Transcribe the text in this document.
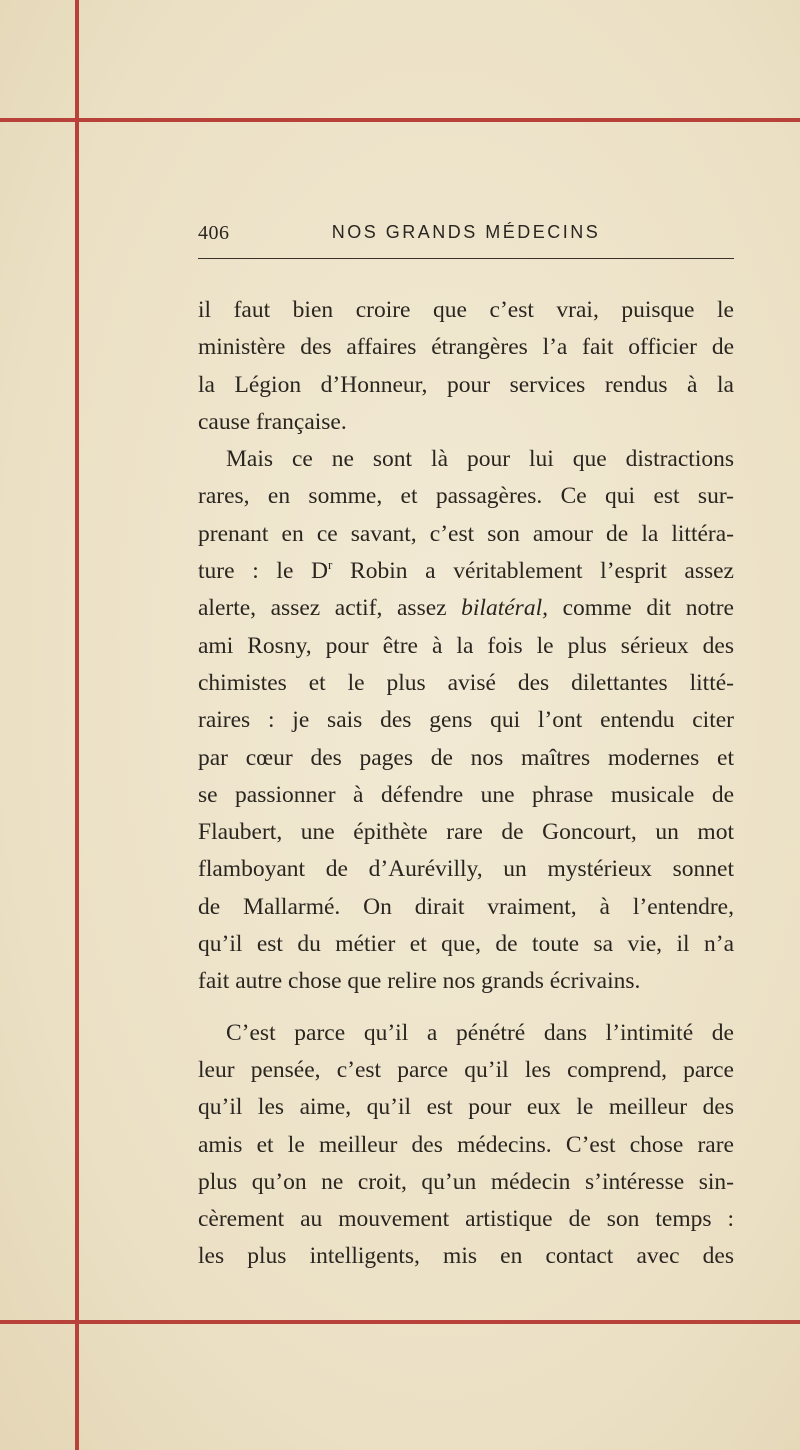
406	NOS GRANDS MÉDECINS
il faut bien croire que c’est vrai, puisque le
ministère des affaires étrangères l’a fait officier de
la Légion d’Honneur, pour services rendus à la
cause française.
Mais ce ne sont là pour lui que distractions
rares, en somme, et passagères. Ce qui est sur-
prenant en ce savant, c’est son amour de la littéra-
ture : le $D^r$ Robin a véritablement l’esprit assez
alerte, assez actif, assez bilatéral, comme dit notre
ami Rosny, pour être à la fois le plus sérieux des
chimistes et le plus avisé des dilettantes litté-
raires : je sais des gens qui l’ont entendu citer
par cœur des pages de nos maîtres modernes et
se passionner à défendre une phrase musicale de
Flaubert, une épithète rare de Goncourt, un mot
flamboyant de d’Aurévilly, un mystérieux sonnet
de Mallarmé. On dirait vraiment, à l’entendre,
qu’il est du métier et que, de toute sa vie, il n’a
fait autre chose que relire nos grands écrivains.
C’est parce qu’il a pénétré dans l’intimité de
leur pensée, c’est parce qu’il les comprend, parce
qu’il les aime, qu’il est pour eux le meilleur des
amis et le meilleur des médecins. C’est chose rare
plus qu’on ne croit, qu’un médecin s’intéresse sin-
cèrement au mouvement artistique de son temps :
les plus intelligents, mis en contact avec des
